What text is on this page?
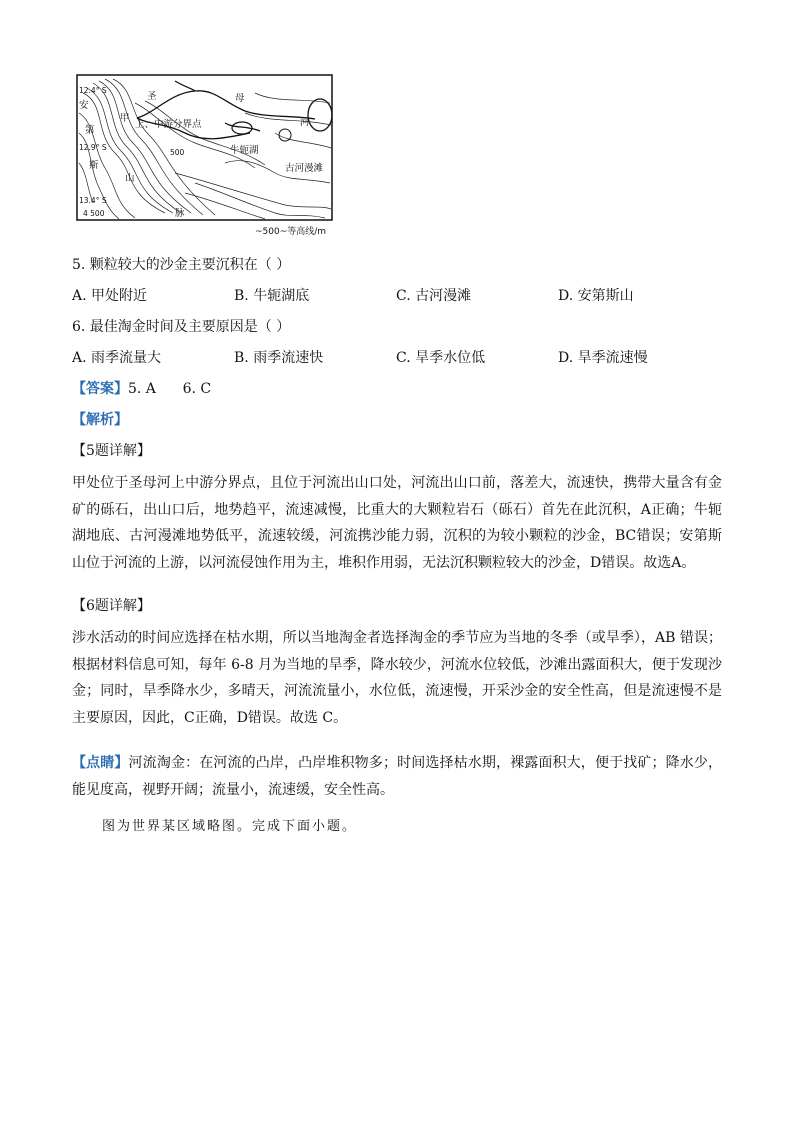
12.4° S
12.9° S
13.4° S
500
4 500
圣	母
河
甲
上、中游分界点
牛轭湖
古河漫滩
安
第
斯
山
脉
~500~等高线/m
5. 颗粒较大的沙金主要沉积在（ ）
A. 甲处附近	B. 牛轭湖底	C. 古河漫滩	D. 安第斯山
6. 最佳淘金时间及主要原因是（ ）
A. 雨季流量大	B. 雨季流速快	C. 旱季水位低	D. 旱季流速慢
【答案】5. A      6. C
【解析】
【5题详解】
甲处位于圣母河上中游分界点，且位于河流出山口处，河流出山口前，落差大，流速快，携带大量含有金矿的砾石，出山口后，地势趋平，流速减慢，比重大的大颗粒岩石（砾石）首先在此沉积，A正确；牛轭湖地底、古河漫滩地势低平，流速较缓，河流携沙能力弱，沉积的为较小颗粒的沙金，BC错误；安第斯山位于河流的上游，以河流侵蚀作用为主，堆积作用弱，无法沉积颗粒较大的沙金，D错误。故选A。
【6题详解】
涉水活动的时间应选择在枯水期，所以当地淘金者选择淘金的季节应为当地的冬季（或旱季），AB 错误；根据材料信息可知，每年 6-8 月为当地的旱季，降水较少，河流水位较低，沙滩出露面积大，便于发现沙金；同时，旱季降水少，多晴天，河流流量小，水位低，流速慢，开采沙金的安全性高，但是流速慢不是主要原因，因此，C正确，D错误。故选 C。
【点睛】河流淘金：在河流的凸岸，凸岸堆积物多；时间选择枯水期，裸露面积大，便于找矿；降水少，能见度高，视野开阔；流量小，流速缓，安全性高。
图为世界某区域略图。完成下面小题。
